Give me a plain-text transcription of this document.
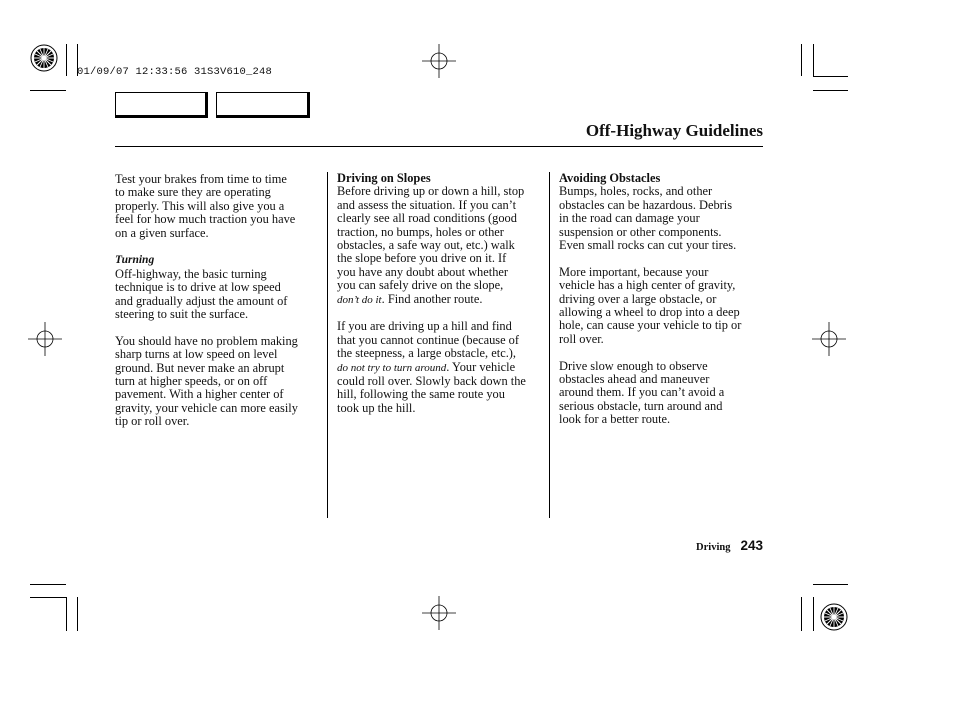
01/09/07 12:33:56 31S3V610_248
Off-Highway Guidelines

Test your brakes from time to time

to make sure they are operating

properly. This will also give you a

feel for how much traction you have

on a given surface.

Turning

Off-highway, the basic turning

technique is to drive at low speed

and gradually adjust the amount of

steering to suit the surface.

You should have no problem making

sharp turns at low speed on level

ground. But never make an abrupt

turn at higher speeds, or on off

pavement. With a higher center of

gravity, your vehicle can more easily

tip or roll over.

Driving on Slopes

Before driving up or down a hill, stop

and assess the situation. If you can’t

clearly see all road conditions (good

traction, no bumps, holes or other

obstacles, a safe way out, etc.) walk

the slope before you drive on it. If

you have any doubt about whether

you can safely drive on the slope,

don’t do it. Find another route.

If you are driving up a hill and find

that you cannot continue (because of

the steepness, a large obstacle, etc.),

do not try to turn around. Your vehicle

could roll over. Slowly back down the

hill, following the same route you

took up the hill.

Avoiding Obstacles

Bumps, holes, rocks, and other

obstacles can be hazardous. Debris

in the road can damage your

suspension or other components.

Even small rocks can cut your tires.

More important, because your

vehicle has a high center of gravity,

driving over a large obstacle, or

allowing a wheel to drop into a deep

hole, can cause your vehicle to tip or

roll over.

Drive slow enough to observe

obstacles ahead and maneuver

around them. If you can’t avoid a

serious obstacle, turn around and

look for a better route.

Driving 243
